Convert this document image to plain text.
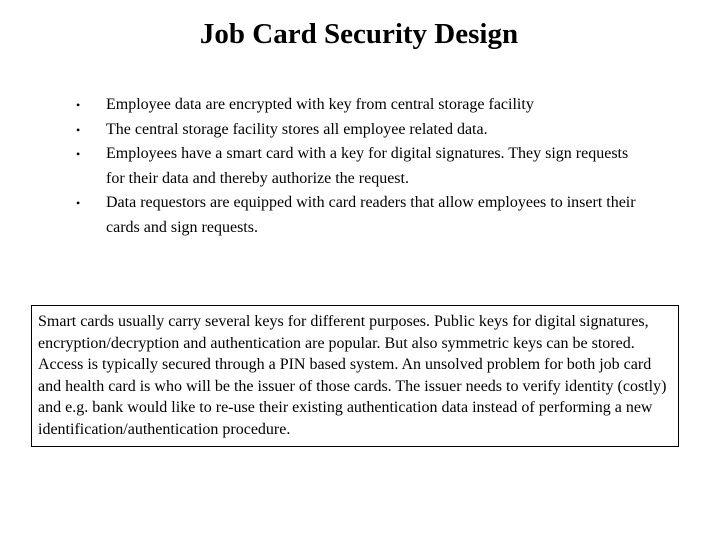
Job Card Security Design
• Employee data are encrypted with key from central storage facility
• The central storage facility stores all employee related data.
• Employees have a smart card with a key for digital signatures. They sign requests for their data and thereby authorize the request.
• Data requestors are equipped with card readers that allow employees to insert their cards and sign requests.
Smart cards usually carry several keys for different purposes. Public keys for digital signatures, encryption/decryption and authentication are popular. But also symmetric keys can be stored. Access is typically secured through a PIN based system. An unsolved problem for both job card and health card is who will be the issuer of those cards. The issuer needs to verify identity (costly) and e.g. bank would like to re-use their existing authentication data instead of performing a new identification/authentication procedure.
